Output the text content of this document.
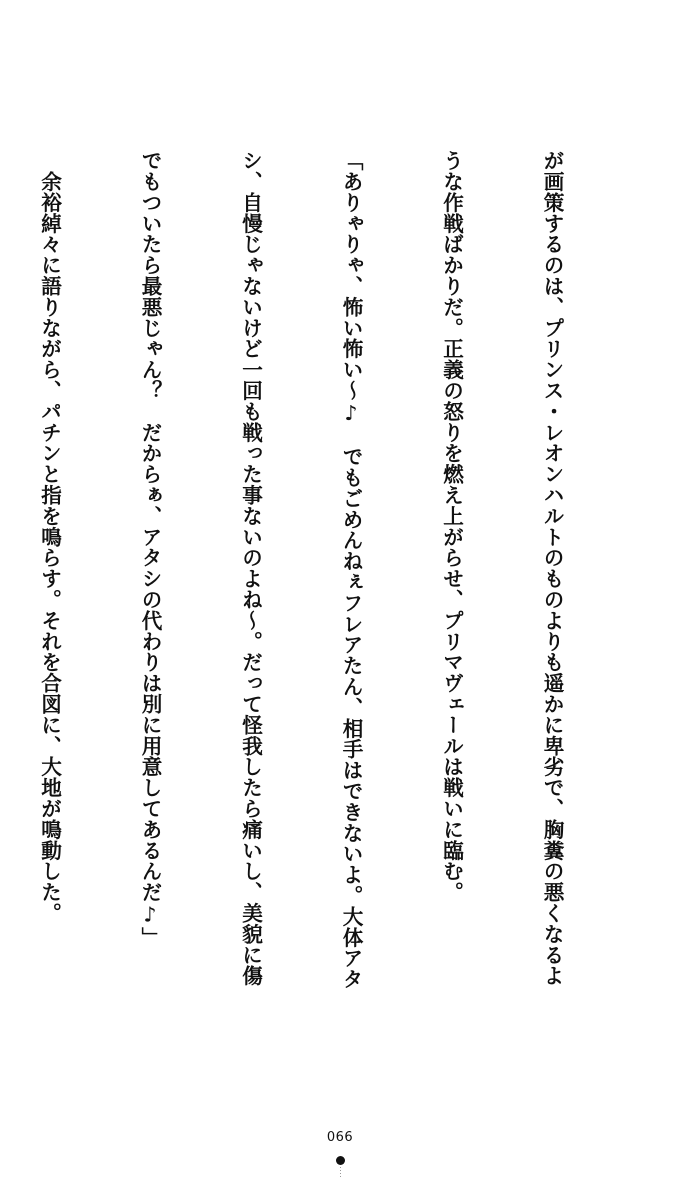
が画策するのは、プリンス・レオンハルトのものよりも遥かに卑劣で、胸糞の悪くなるよ

うな作戦ばかりだ。正義の怒りを燃え上がらせ、プリマヴェールは戦いに臨む。

「ありゃりゃ、怖い怖い〜♪　でもごめんねぇフレアたん、相手はできないよ。大体アタ

シ、自慢じゃないけど一回も戦った事ないのよね〜。だって怪我したら痛いし、美貌に傷

でもついたら最悪じゃん？　だからぁ、アタシの代わりは別に用意してあるんだ♪」

　余裕綽々に語りながら、パチンと指を鳴らす。それを合図に、大地が鳴動した。

066
